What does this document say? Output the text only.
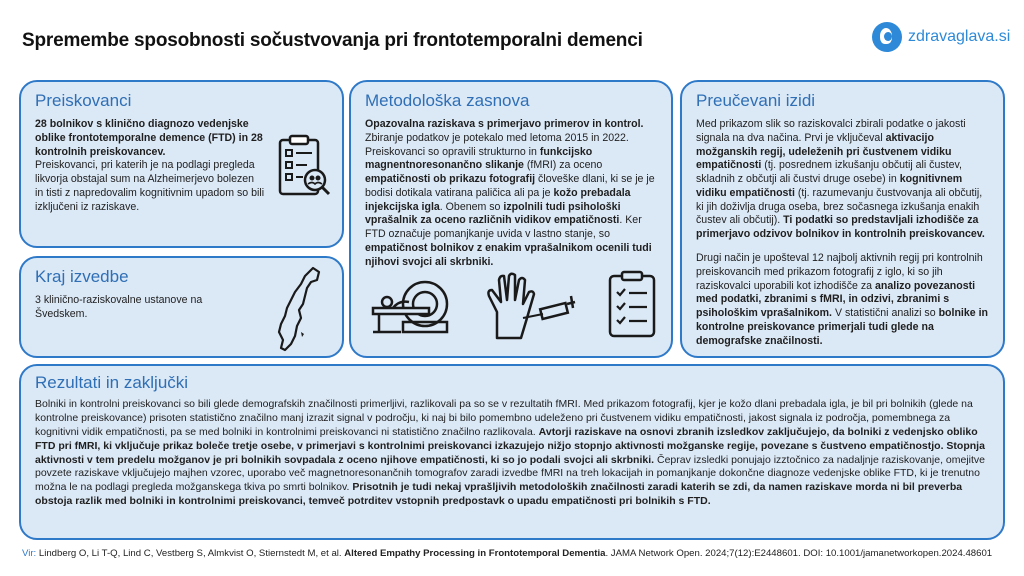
Spremembe sposobnosti sočustvovanja pri frontotemporalni demenci	zdravaglava.si
Preiskovanci

28 bolnikov s klinično diagnozo vedenjske oblike frontotemporalne demence (FTD) in 28 kontrolnih preiskovancev.
Preiskovanci, pri katerih je na podlagi pregleda likvorja obstajal sum na Alzheimerjevo bolezen in tisti z napredovalim kognitivnim upadom so bili izključeni iz raziskave.

Kraj izvedbe

3 klinično-raziskovalne ustanove na Švedskem.

Metodološka zasnova

Opazovalna raziskava s primerjavo primerov in kontrol. Zbiranje podatkov je potekalo med letoma 2015 in 2022. Preiskovanci so opravili strukturno in funkcijsko magnentnoresonančno slikanje (fMRI) za oceno empatičnosti ob prikazu fotografij človeške dlani, ki se je je bodisi dotikala vatirana paličica ali pa je kožo prebadala injekcijska igla. Obenem so izpolnili tudi psihološki vprašalnik za oceno različnih vidikov empatičnosti. Ker FTD označuje pomanjkanje uvida v lastno stanje, so empatičnost bolnikov z enakim vprašalnikom ocenili tudi njihovi svojci ali skrbniki.

Preučevani izidi

Med prikazom slik so raziskovalci zbirali podatke o jakosti signala na dva načina. Prvi je vključeval aktivacijo možganskih regij, udeleženih pri čustvenem vidiku empatičnosti (tj. posrednem izkušanju občutij ali čustev, skladnih z občutji ali čustvi druge osebe) in kognitivnem vidiku empatičnosti (tj. razumevanju čustvovanja ali občutij, ki jih doživlja druga oseba, brez sočasnega izkušanja enakih čustev ali občutij). Ti podatki so predstavljali izhodišče za primerjavo odzivov bolnikov in kontrolnih preiskovancev.

Drugi način je upošteval 12 najbolj aktivnih regij pri kontrolnih preiskovancih med prikazom fotografij z iglo, ki so jih raziskovalci uporabili kot izhodišče za analizo povezanosti med podatki, zbranimi s fMRI, in odzivi, zbranimi s psihološkim vprašalnikom. V statistični analizi so bolnike in kontrolne preiskovance primerjali tudi glede na demografske značilnosti.

Rezultati in zaključki

Bolniki in kontrolni preiskovanci so bili glede demografskih značilnosti primerljivi, razlikovali pa so se v rezultatih fMRI. Med prikazom fotografij, kjer je kožo dlani prebadala igla, je bil pri bolnikih (glede na kontrolne preiskovance) prisoten statistično značilno manj izrazit signal v področju, ki naj bi bilo pomembno udeleženo pri čustvenem vidiku empatičnosti, jakost signala iz področja, pomembnega za kognitivni vidik empatičnosti, pa se med bolniki in kontrolnimi preiskovanci ni statistično značilno razlikovala. Avtorji raziskave na osnovi zbranih izsledkov zaključujejo, da bolniki z vedenjsko obliko FTD pri fMRI, ki vključuje prikaz boleče tretje osebe, v primerjavi s kontrolnimi preiskovanci izkazujejo nižjo stopnjo aktivnosti možganske regije, povezane s čustveno empatičnostjo. Stopnja aktivnosti v tem predelu možganov je pri bolnikih sovpadala z oceno njihove empatičnosti, ki so jo podali svojci ali skrbniki. Čeprav izsledki ponujajo izztočnico za nadaljnje raziskovanje, omejitve povzete raziskave vključujejo majhen vzorec, uporabo več magnetnoresonančnih tomografov zaradi izvedbe fMRI na treh lokacijah in pomanjkanje dokončne diagnoze vedenjske oblike FTD, ki je trenutno možna le na podlagi pregleda možganskega tkiva po smrti bolnikov. Prisotnih je tudi nekaj vprašljivih metodoloških značilnosti zaradi katerih se zdi, da namen raziskave morda ni bil preverba obstoja razlik med bolniki in kontrolnimi preiskovanci, temveč potrditev vstopnih predpostavk o upadu empatičnosti pri bolnikih s FTD.

Vir: Lindberg O, Li T-Q, Lind C, Vestberg S, Almkvist O, Stiernstedt M, et al. Altered Empathy Processing in Frontotemporal Dementia. JAMA Network Open. 2024;7(12):E2448601. DOI: 10.1001/jamanetworkopen.2024.48601
